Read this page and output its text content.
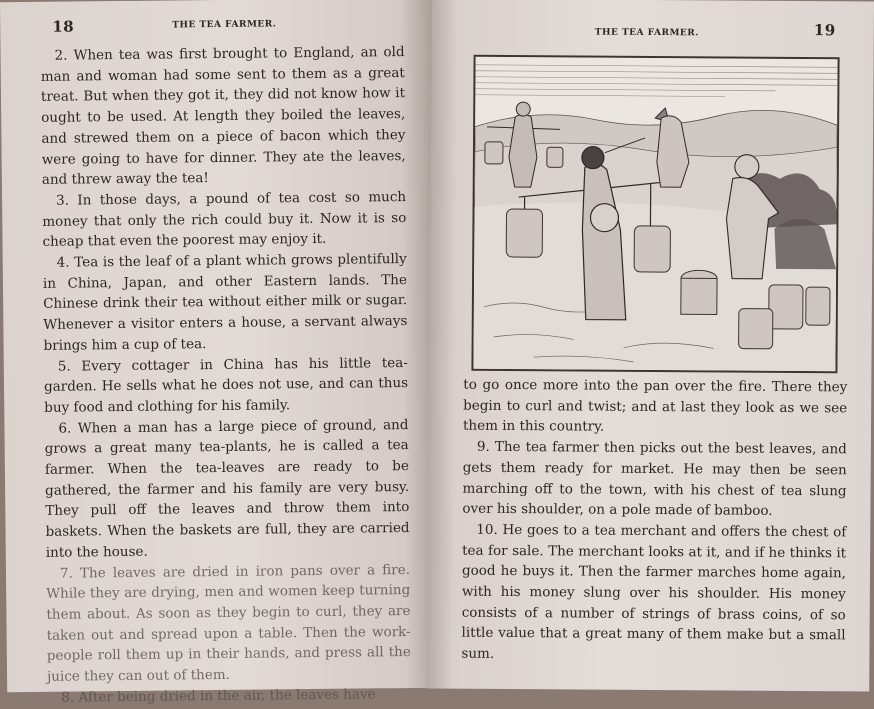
18	THE TEA FARMER.

2. When tea was first brought to England, an old man and woman had some sent to them as a great treat. But when they got it, they did not know how it ought to be used. At length they boiled the leaves, and strewed them on a piece of bacon which they were going to have for dinner. They ate the leaves, and threw away the tea!

3. In those days, a pound of tea cost so much money that only the rich could buy it. Now it is so cheap that even the poorest may enjoy it.

4. Tea is the leaf of a plant which grows plentifully in China, Japan, and other Eastern lands. The Chinese drink their tea without either milk or sugar. Whenever a visitor enters a house, a servant always brings him a cup of tea.

5. Every cottager in China has his little tea-garden. He sells what he does not use, and can thus buy food and clothing for his family.

6. When a man has a large piece of ground, and grows a great many tea-plants, he is called a tea farmer. When the tea-leaves are ready to be gathered, the farmer and his family are very busy. They pull off the leaves and throw them into baskets. When the baskets are full, they are carried into the house.

7. The leaves are dried in iron pans over a fire. While they are drying, men and women keep turning them about. As soon as they begin to curl, they are taken out and spread upon a table. Then the work-people roll them up in their hands, and press all the juice they can out of them.

8. After being dried in the air, the leaves have

THE TEA FARMER.	19

to go once more into the pan over the fire. There they begin to curl and twist; and at last they look as we see them in this country.

9. The tea farmer then picks out the best leaves, and gets them ready for market. He may then be seen marching off to the town, with his chest of tea slung over his shoulder, on a pole made of bamboo.

10. He goes to a tea merchant and offers the chest of tea for sale. The merchant looks at it, and if he thinks it good he buys it. Then the farmer marches home again, with his money slung over his shoulder. His money consists of a number of strings of brass coins, of so little value that a great many of them make but a small sum.
